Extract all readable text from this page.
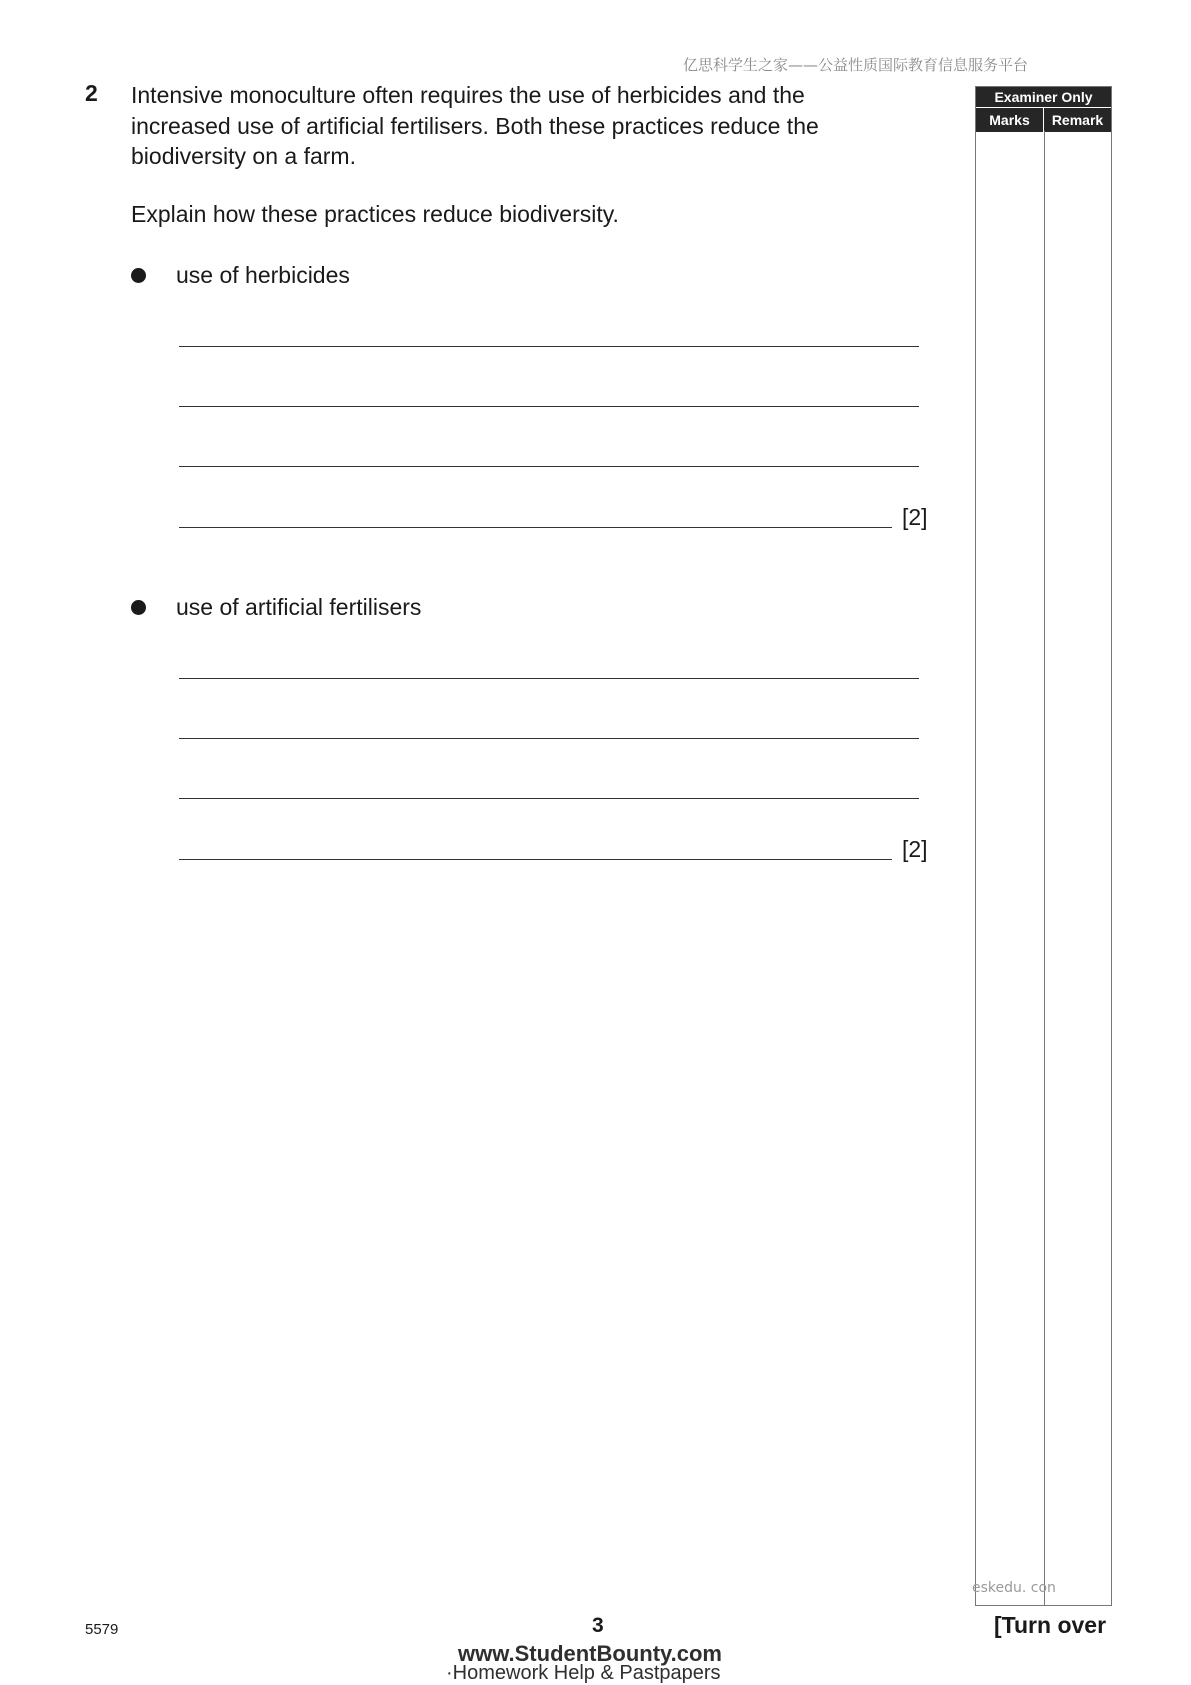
亿思科学生之家——公益性质国际教育信息服务平台
2 Intensive monoculture often requires the use of herbicides and the increased use of artificial fertilisers. Both these practices reduce the biodiversity on a farm.
Explain how these practices reduce biodiversity.
use of herbicides
[2]
use of artificial fertilisers
[2]
Examiner Only
Marks	Remark
eskedu. con
5579	3	[Turn over
www.StudentBounty.com
·Homework Help & Pastpapers
